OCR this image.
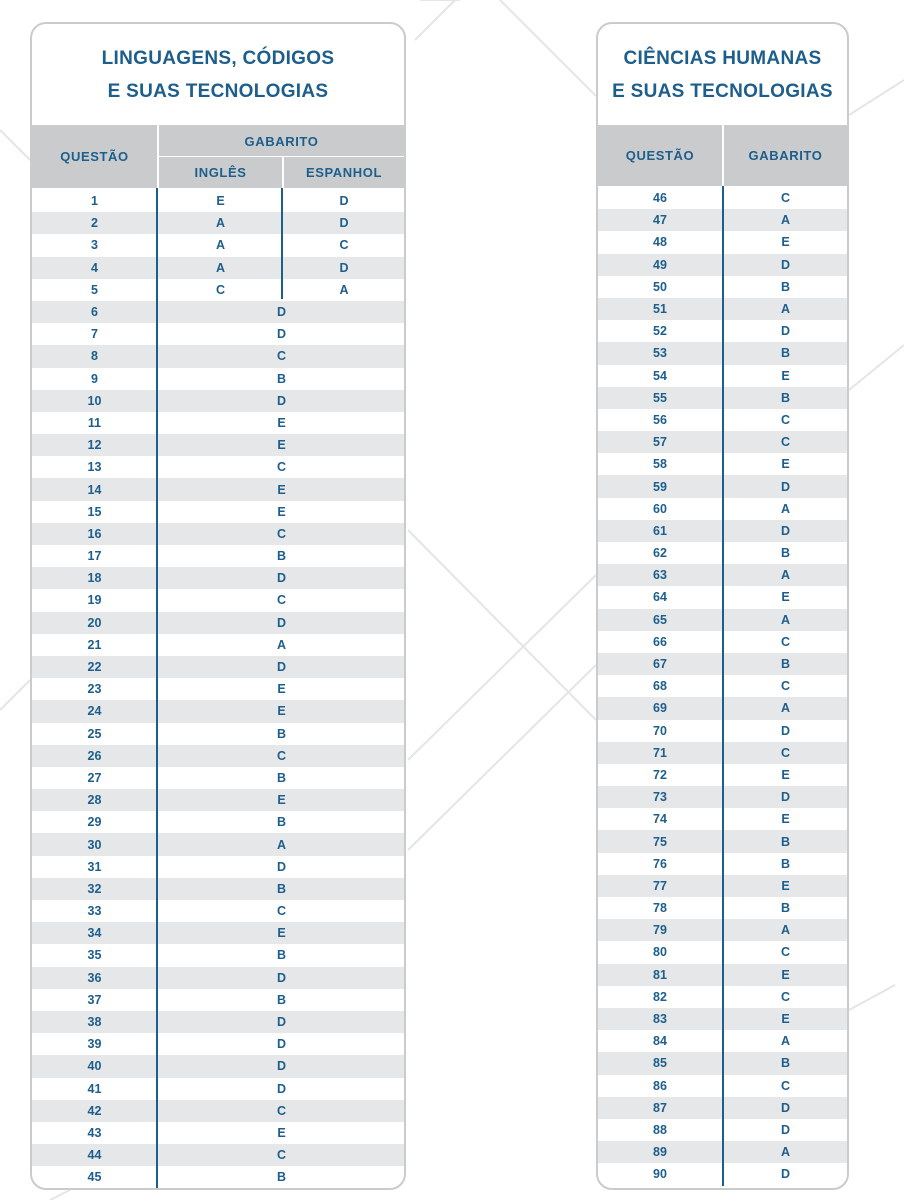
LINGUAGENS, CÓDIGOS
E SUAS TECNOLOGIAS
QUESTÃO
GABARITO
INGLÊS	ESPANHOL
1	E	D
2	A	D
3	A	C
4	A	D
5	C	A
6	D
7	D
8	C
9	B
10	D
11	E
12	E
13	C
14	E
15	E
16	C
17	B
18	D
19	C
20	D
21	A
22	D
23	E
24	E
25	B
26	C
27	B
28	E
29	B
30	A
31	D
32	B
33	C
34	E
35	B
36	D
37	B
38	D
39	D
40	D
41	D
42	C
43	E
44	C
45	B
CIÊNCIAS HUMANAS
E SUAS TECNOLOGIAS
QUESTÃO	GABARITO
46	C
47	A
48	E
49	D
50	B
51	A
52	D
53	B
54	E
55	B
56	C
57	C
58	E
59	D
60	A
61	D
62	B
63	A
64	E
65	A
66	C
67	B
68	C
69	A
70	D
71	C
72	E
73	D
74	E
75	B
76	B
77	E
78	B
79	A
80	C
81	E
82	C
83	E
84	A
85	B
86	C
87	D
88	D
89	A
90	D
